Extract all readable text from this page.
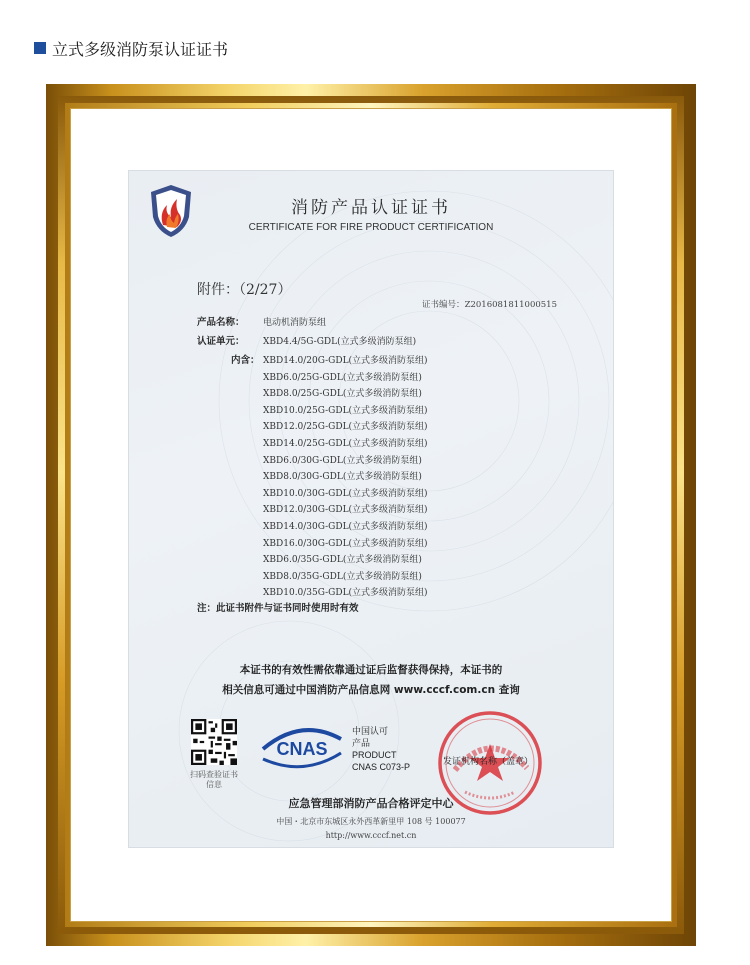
立式多级消防泵认证证书
消防产品认证证书
CERTIFICATE FOR FIRE PRODUCT CERTIFICATION
附件：（2/27）
证书编号：Z2016081811000515
产品名称： 电动机消防泵组
认证单元： XBD4.4/5G-GDL(立式多级消防泵组)
内含： XBD14.0/20G-GDL(立式多级消防泵组)
XBD6.0/25G-GDL(立式多级消防泵组)
XBD8.0/25G-GDL(立式多级消防泵组)
XBD10.0/25G-GDL(立式多级消防泵组)
XBD12.0/25G-GDL(立式多级消防泵组)
XBD14.0/25G-GDL(立式多级消防泵组)
XBD6.0/30G-GDL(立式多级消防泵组)
XBD8.0/30G-GDL(立式多级消防泵组)
XBD10.0/30G-GDL(立式多级消防泵组)
XBD12.0/30G-GDL(立式多级消防泵组)
XBD14.0/30G-GDL(立式多级消防泵组)
XBD16.0/30G-GDL(立式多级消防泵组)
XBD6.0/35G-GDL(立式多级消防泵组)
XBD8.0/35G-GDL(立式多级消防泵组)
注：此证书附件与证书同时使用时有效
本证书的有效性需依靠通过证后监督获得保持，本证书的
相关信息可通过中国消防产品信息网 www.cccf.com.cn 查询
扫码查验证书信息
CNAS
中国认可
产品
PRODUCT
CNAS C073-P	发证机构名称（盖章）
应急管理部消防产品合格评定中心
中国・北京市东城区永外西革新里甲 108 号 100077
http://www.cccf.net.cn
XBD10.0/35G-GDL(立式多级消防泵组)
